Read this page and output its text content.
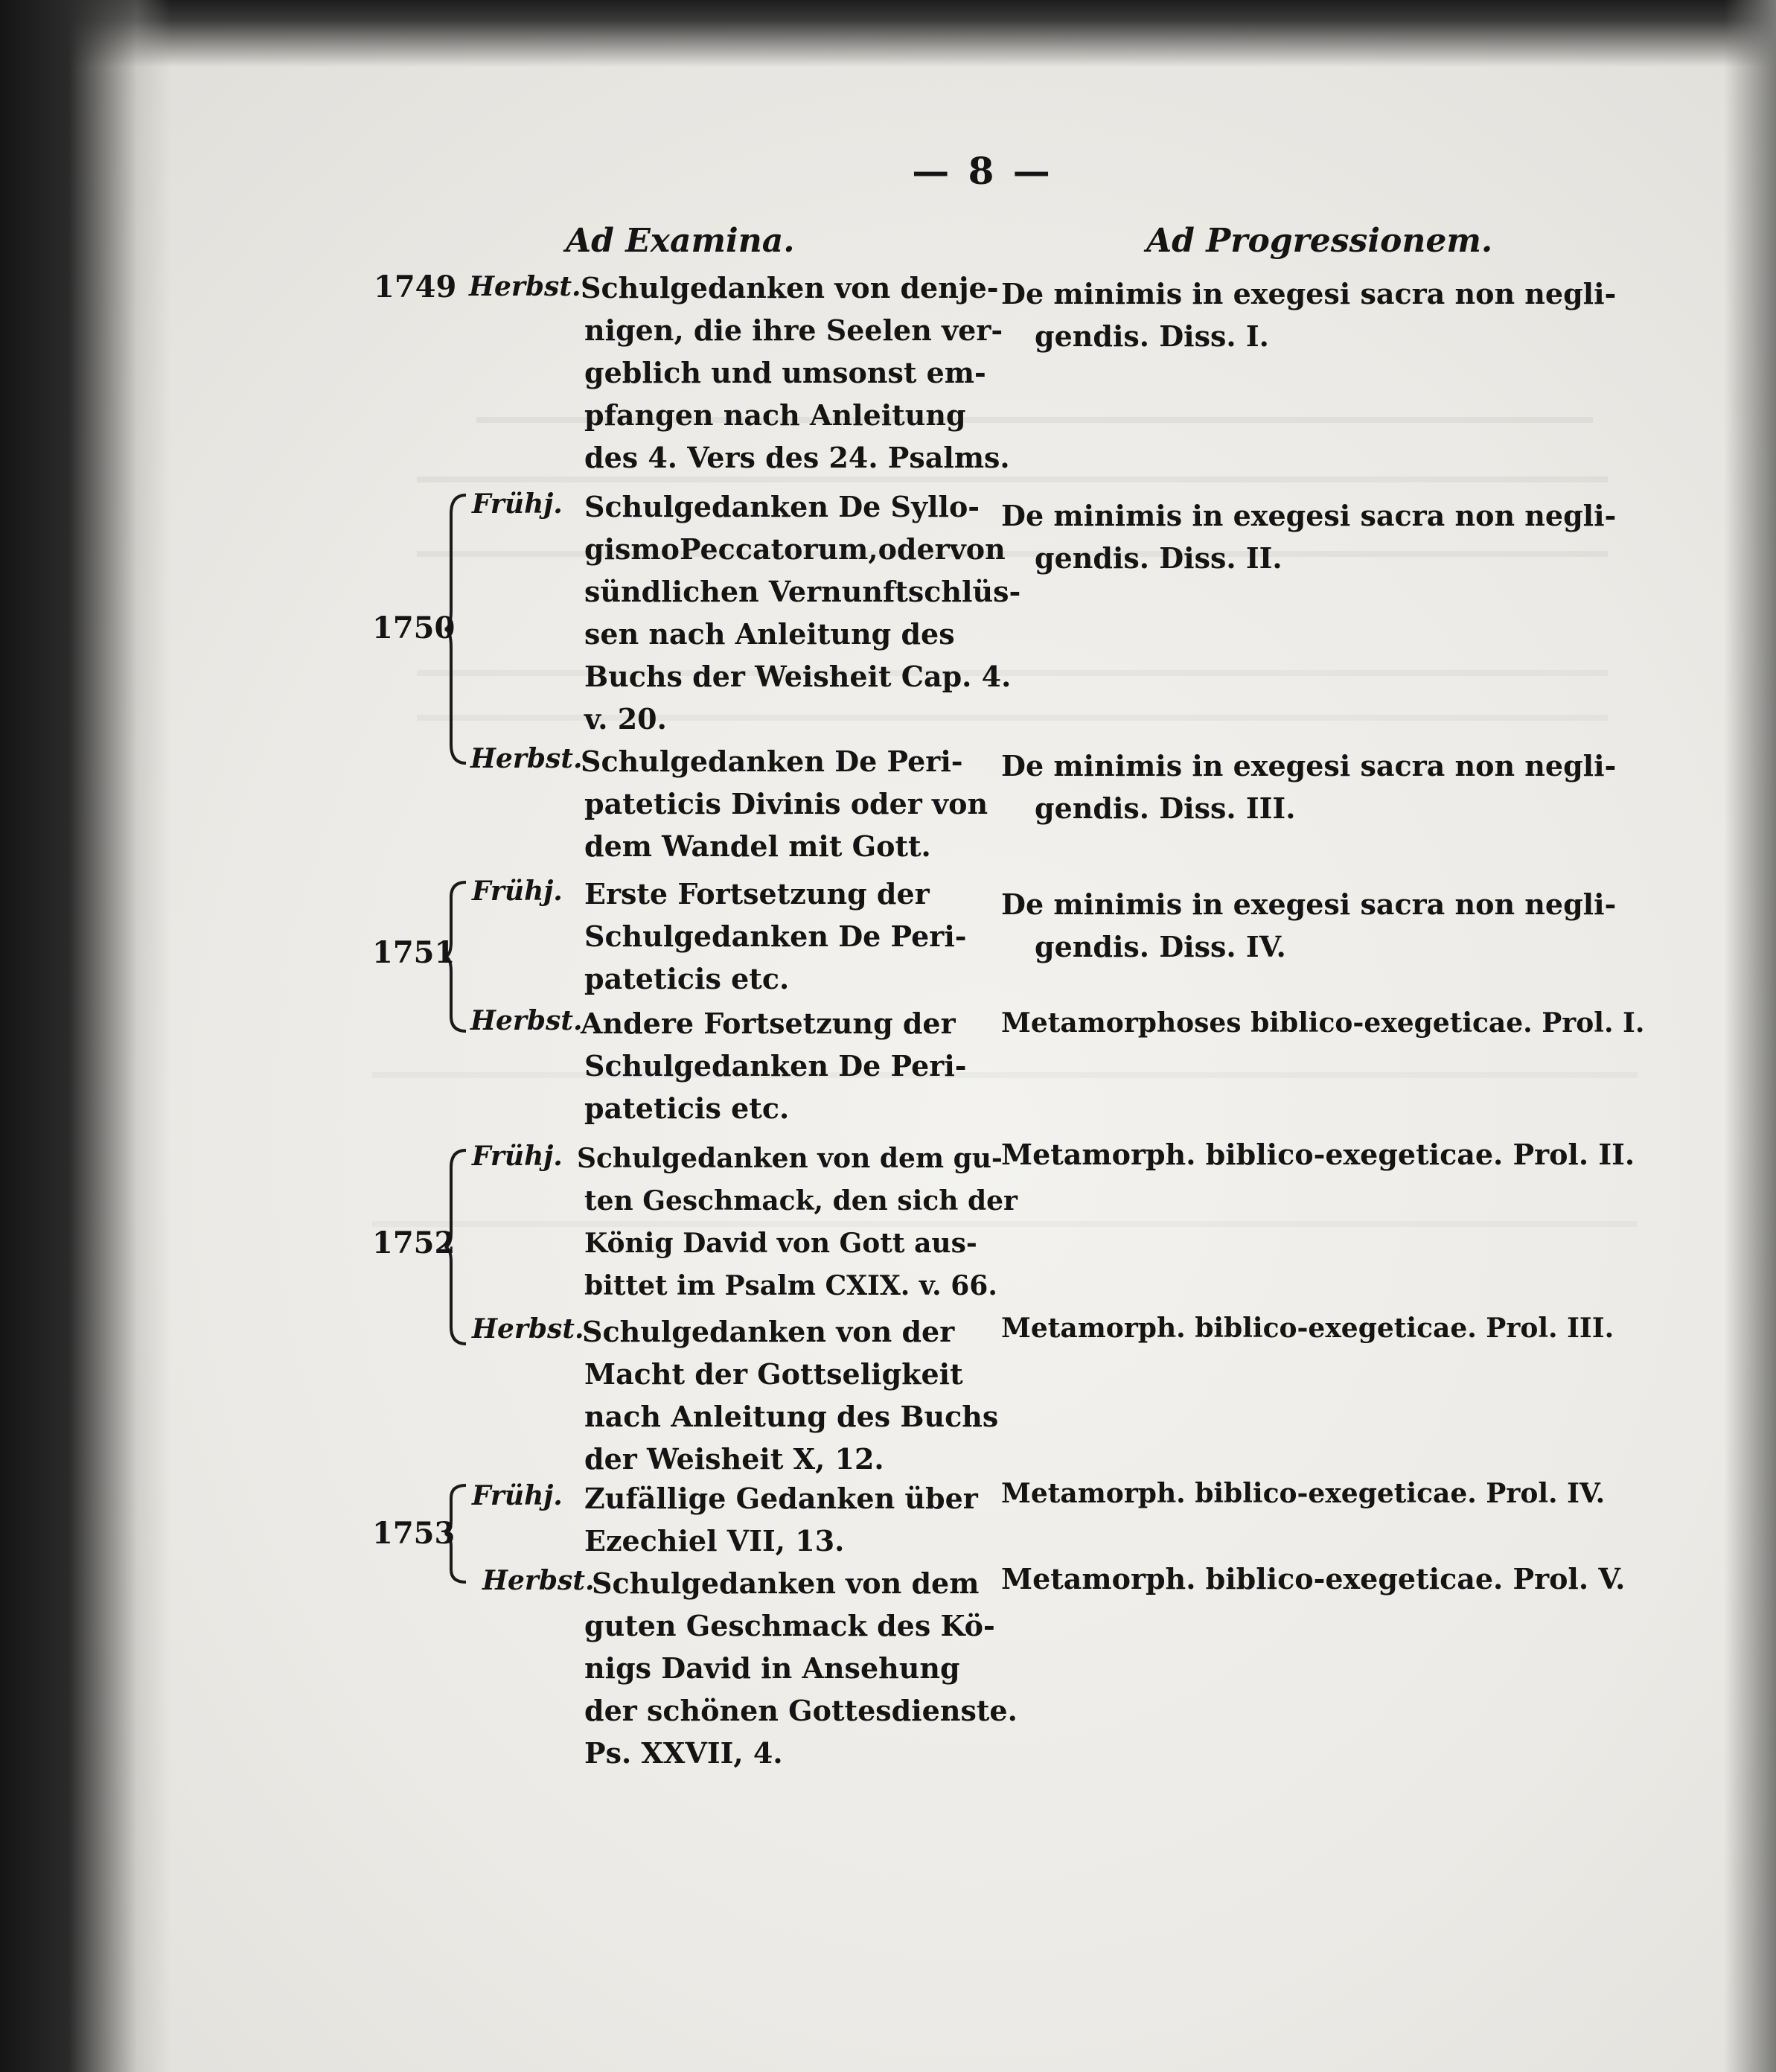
— 8 —
Ad Examina.	Ad Progressionem.
1749 Herbst. Schulgedanken von denje-
nigen, die ihre Seelen ver-
geblich und umsonst em-
pfangen nach Anleitung
des 4. Vers des 24. Psalms.
De minimis in exegesi sacra non negli-
gendis. Diss. I.
1750
Frühj. Schulgedanken De Syllo-
gismoPeccatorum,odervon
sündlichen Vernunftschlüs-
sen nach Anleitung des
Buchs der Weisheit Cap. 4.
v. 20.
De minimis in exegesi sacra non negli-
gendis. Diss. II.
Herbst.
Schulgedanken De Peri-
pateticis Divinis oder von
dem Wandel mit Gott.
De minimis in exegesi sacra non negli-
gendis. Diss. III.
1751
Frühj. Erste Fortsetzung der
Schulgedanken De Peri-
pateticis etc.
De minimis in exegesi sacra non negli-
gendis. Diss. IV.
Herbst.
Andere Fortsetzung der
Schulgedanken De Peri-
pateticis etc.
Metamorphoses biblico-exegeticae. Prol. I.
1752
Frühj. Schulgedanken von dem gu-
ten Geschmack, den sich der
König David von Gott aus-
bittet im Psalm CXIX. v. 66.
Metamorph. biblico-exegeticae. Prol. II.
Herbst.
Schulgedanken von der
Macht der Gottseligkeit
nach Anleitung des Buchs
der Weisheit X, 12.
Metamorph. biblico-exegeticae. Prol. III.
1753
Frühj. Zufällige Gedanken über
Ezechiel VII, 13.
Metamorph. biblico-exegeticae. Prol. IV.
Herbst.
Schulgedanken von dem
guten Geschmack des Kö-
nigs David in Ansehung
der schönen Gottesdienste.
Ps. XXVII, 4.
Metamorph. biblico-exegeticae. Prol. V.
